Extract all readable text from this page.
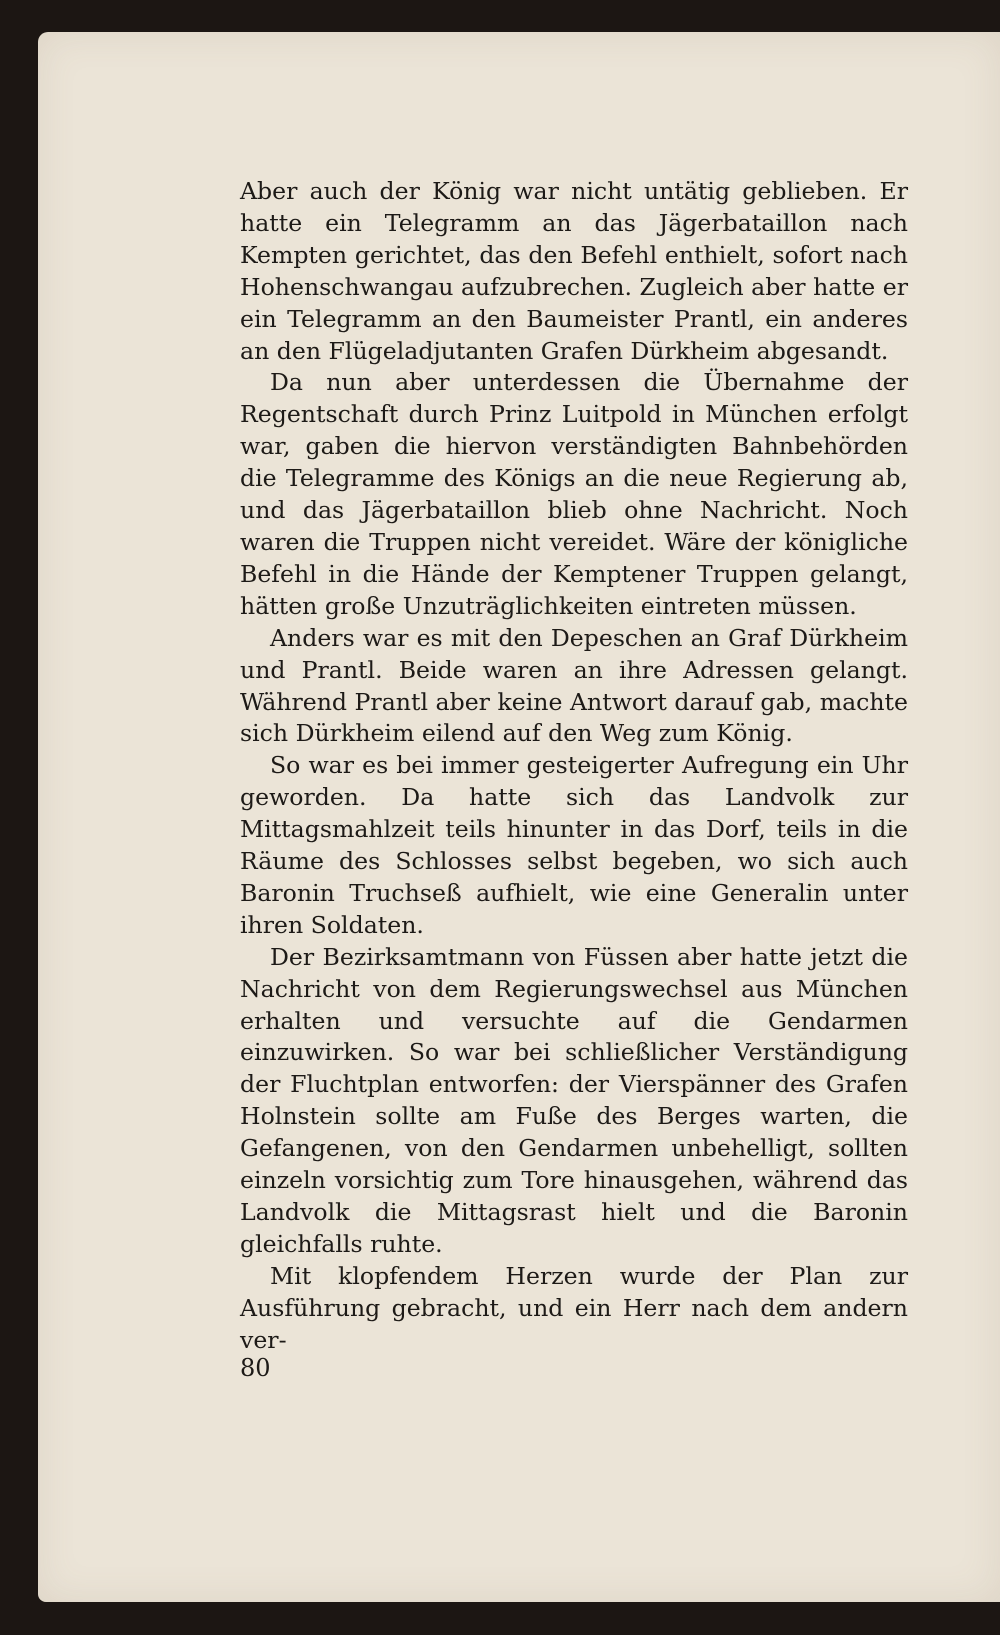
Aber auch der König war nicht untätig geblieben. Er hatte ein Telegramm an das Jägerbataillon nach Kempten gerichtet, das den Befehl enthielt, sofort nach Hohenschwangau aufzubrechen. Zugleich aber hatte er ein Telegramm an den Baumeister Prantl, ein anderes an den Flügeladjutanten Grafen Dürkheim abgesandt.

Da nun aber unterdessen die Übernahme der Regentschaft durch Prinz Luitpold in München erfolgt war, gaben die hiervon verständigten Bahnbehörden die Telegramme des Königs an die neue Regierung ab, und das Jägerbataillon blieb ohne Nachricht. Noch waren die Truppen nicht vereidet. Wäre der königliche Befehl in die Hände der Kemptener Truppen gelangt, hätten große Unzuträglichkeiten eintreten müssen.

Anders war es mit den Depeschen an Graf Dürkheim und Prantl. Beide waren an ihre Adressen gelangt. Während Prantl aber keine Antwort darauf gab, machte sich Dürkheim eilend auf den Weg zum König.

So war es bei immer gesteigerter Aufregung ein Uhr geworden. Da hatte sich das Landvolk zur Mittagsmahlzeit teils hinunter in das Dorf, teils in die Räume des Schlosses selbst begeben, wo sich auch Baronin Truchseß aufhielt, wie eine Generalin unter ihren Soldaten.

Der Bezirksamtmann von Füssen aber hatte jetzt die Nachricht von dem Regierungswechsel aus München erhalten und versuchte auf die Gendarmen einzuwirken. So war bei schließlicher Verständigung der Fluchtplan entworfen: der Vierspänner des Grafen Holnstein sollte am Fuße des Berges warten, die Gefangenen, von den Gendarmen unbehelligt, sollten einzeln vorsichtig zum Tore hinausgehen, während das Landvolk die Mittagsrast hielt und die Baronin gleichfalls ruhte.

Mit klopfendem Herzen wurde der Plan zur Ausführung gebracht, und ein Herr nach dem andern ver-

80
